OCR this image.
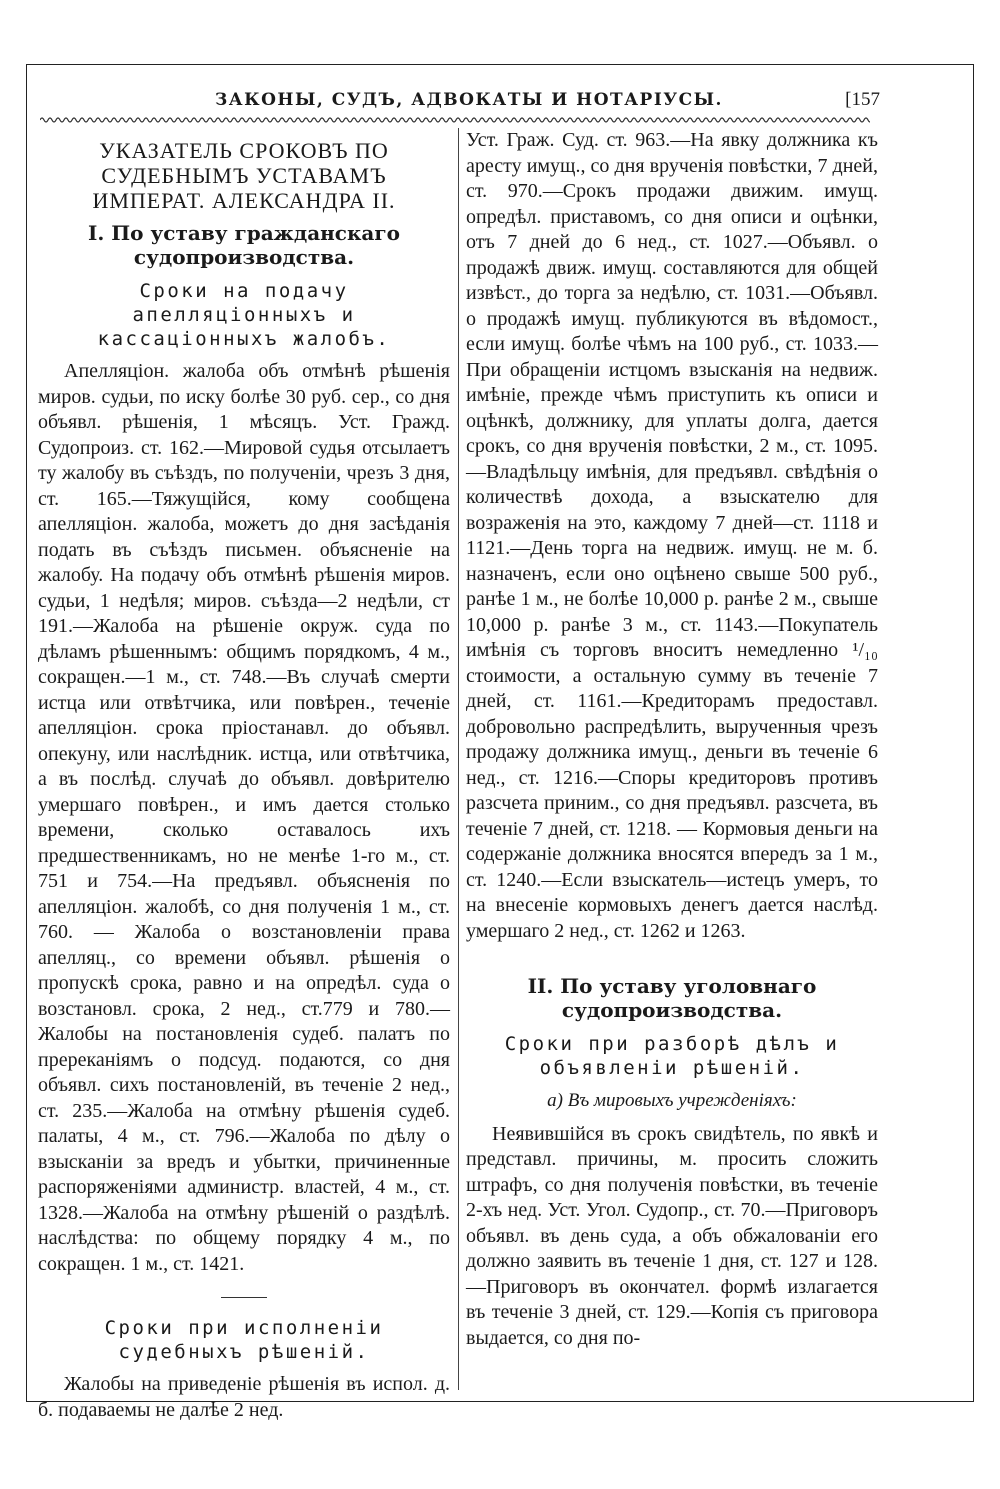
ЗАКОНЫ, СУДЪ, АДВОКАТЫ И НОТАРІУСЫ.	[157
УКАЗАТЕЛЬ СРОКОВЪ ПО СУДЕБНЫМЪ УСТАВАМЪ ИМПЕРАТ. АЛЕКСАНДРА II.
I. По уставу гражданскаго судопроизводства.
Сроки на подачу апелляціонныхъ и кассаціонныхъ жалобъ.

Апелляціон. жалоба объ отмѣнѣ рѣшенія миров. судьи, по иску болѣе 30 руб. сер., со дня объявл. рѣшенія, 1 мѣсяцъ. Уст. Гражд. Судопроиз. ст. 162.—Мировой судья отсылаетъ ту жалобу въ съѣздъ, по полученіи, чрезъ 3 дня, ст. 165.—Тяжущійся, кому сообщена апелляціон. жалоба, можетъ до дня засѣданія подать въ съѣздъ письмен. объясненіе на жалобу. На подачу объ отмѣнѣ рѣшенія миров. судьи, 1 недѣля; миров. съѣзда—2 недѣли, ст 191.—Жалоба на рѣшеніе окруж. суда по дѣламъ рѣшеннымъ: общимъ порядкомъ, 4 м., сокращен.—1 м., ст. 748.—Въ случаѣ смерти истца или отвѣтчика, или повѣрен., теченіе апелляціон. срока пріостанавл. до объявл. опекуну, или наслѣдник. истца, или отвѣтчика, а въ послѣд. случаѣ до объявл. довѣрителю умершаго повѣрен., и имъ дается столько времени, сколько оставалось ихъ предшественникамъ, но не менѣе 1-го м., ст. 751 и 754.—На предъявл. объясненія по апелляціон. жалобѣ, со дня полученія 1 м., ст. 760. — Жалоба о возстановленіи права апелляц., со времени объявл. рѣшенія о пропускѣ срока, равно и на опредѣл. суда о возстановл. срока, 2 нед., ст.779 и 780.—Жалобы на постановленія судеб. палатъ по пререканіямъ о подсуд. подаются, со дня объявл. сихъ постановленій, въ теченіе 2 нед., ст. 235.—Жалоба на отмѣну рѣшенія судеб. палаты, 4 м., ст. 796.—Жалоба по дѣлу о взысканіи за вредъ и убытки, причиненные распоряженіями администр. властей, 4 м., ст. 1328.—Жалоба на отмѣну рѣшеній о раздѣлѣ. наслѣдства: по общему порядку 4 м., по сокращен. 1 м., ст. 1421.

Сроки при исполненіи судебныхъ рѣшеній.

Жалобы на приведеніе рѣшенія въ испол. д. б. подаваемы не далѣе 2 нед.

Уст. Граж. Суд. ст. 963.—На явку должника къ аресту имущ., со дня врученія повѣстки, 7 дней, ст. 970.—Срокъ продажи движим. имущ. опредѣл. приставомъ, со дня описи и оцѣнки, отъ 7 дней до 6 нед., ст. 1027.—Объявл. о продажѣ движ. имущ. составляются для общей извѣст., до торга за недѣлю, ст. 1031.—Объявл. о продажѣ имущ. публикуются въ вѣдомост., если имущ. болѣе чѣмъ на 100 руб., ст. 1033.—При обращеніи истцомъ взысканія на недвиж. имѣніе, прежде чѣмъ приступить къ описи и оцѣнкѣ, должнику, для уплаты долга, дается срокъ, со дня врученія повѣстки, 2 м., ст. 1095.—Владѣльцу имѣнія, для предъявл. свѣдѣнія о количествѣ дохода, а взыскателю для возраженія на это, каждому 7 дней—ст. 1118 и 1121.—День торга на недвиж. имущ. не м. б. назначенъ, если оно оцѣнено свыше 500 руб., ранѣе 1 м., не болѣе 10,000 р. ранѣе 2 м., свыше 10,000 р. ранѣе 3 м., ст. 1143.—Покупатель имѣнія съ торговъ вноситъ немедленно ¹/₁₀ стоимости, а остальную сумму въ теченіе 7 дней, ст. 1161.—Кредиторамъ предоставл. добровольно распредѣлить, вырученныя чрезъ продажу должника имущ., деньги въ теченіе 6 нед., ст. 1216.—Споры кредиторовъ противъ разсчета приним., со дня предъявл. разсчета, въ теченіе 7 дней, ст. 1218. — Кормовыя деньги на содержаніе должника вносятся впередъ за 1 м., ст. 1240.—Если взыскатель—истецъ умеръ, то на внесеніе кормовыхъ денегъ дается наслѣд. умершаго 2 нед., ст. 1262 и 1263.

II. По уставу уголовнаго судопроизводства.
Сроки при разборѣ дѣлъ и объявленіи рѣшеній.
а) Въ мировыхъ учрежденіяхъ:

Неявившійся въ срокъ свидѣтель, по явкѣ и представл. причины, м. просить сложить штрафъ, со дня полученія повѣстки, въ теченіе 2-хъ нед. Уст. Угол. Судопр., ст. 70.—Приговоръ объявл. въ день суда, а объ обжалованіи его должно заявить въ теченіе 1 дня, ст. 127 и 128.—Приговоръ въ окончател. формѣ излагается въ теченіе 3 дней, ст. 129.—Копія съ приговора выдается, со дня по-
